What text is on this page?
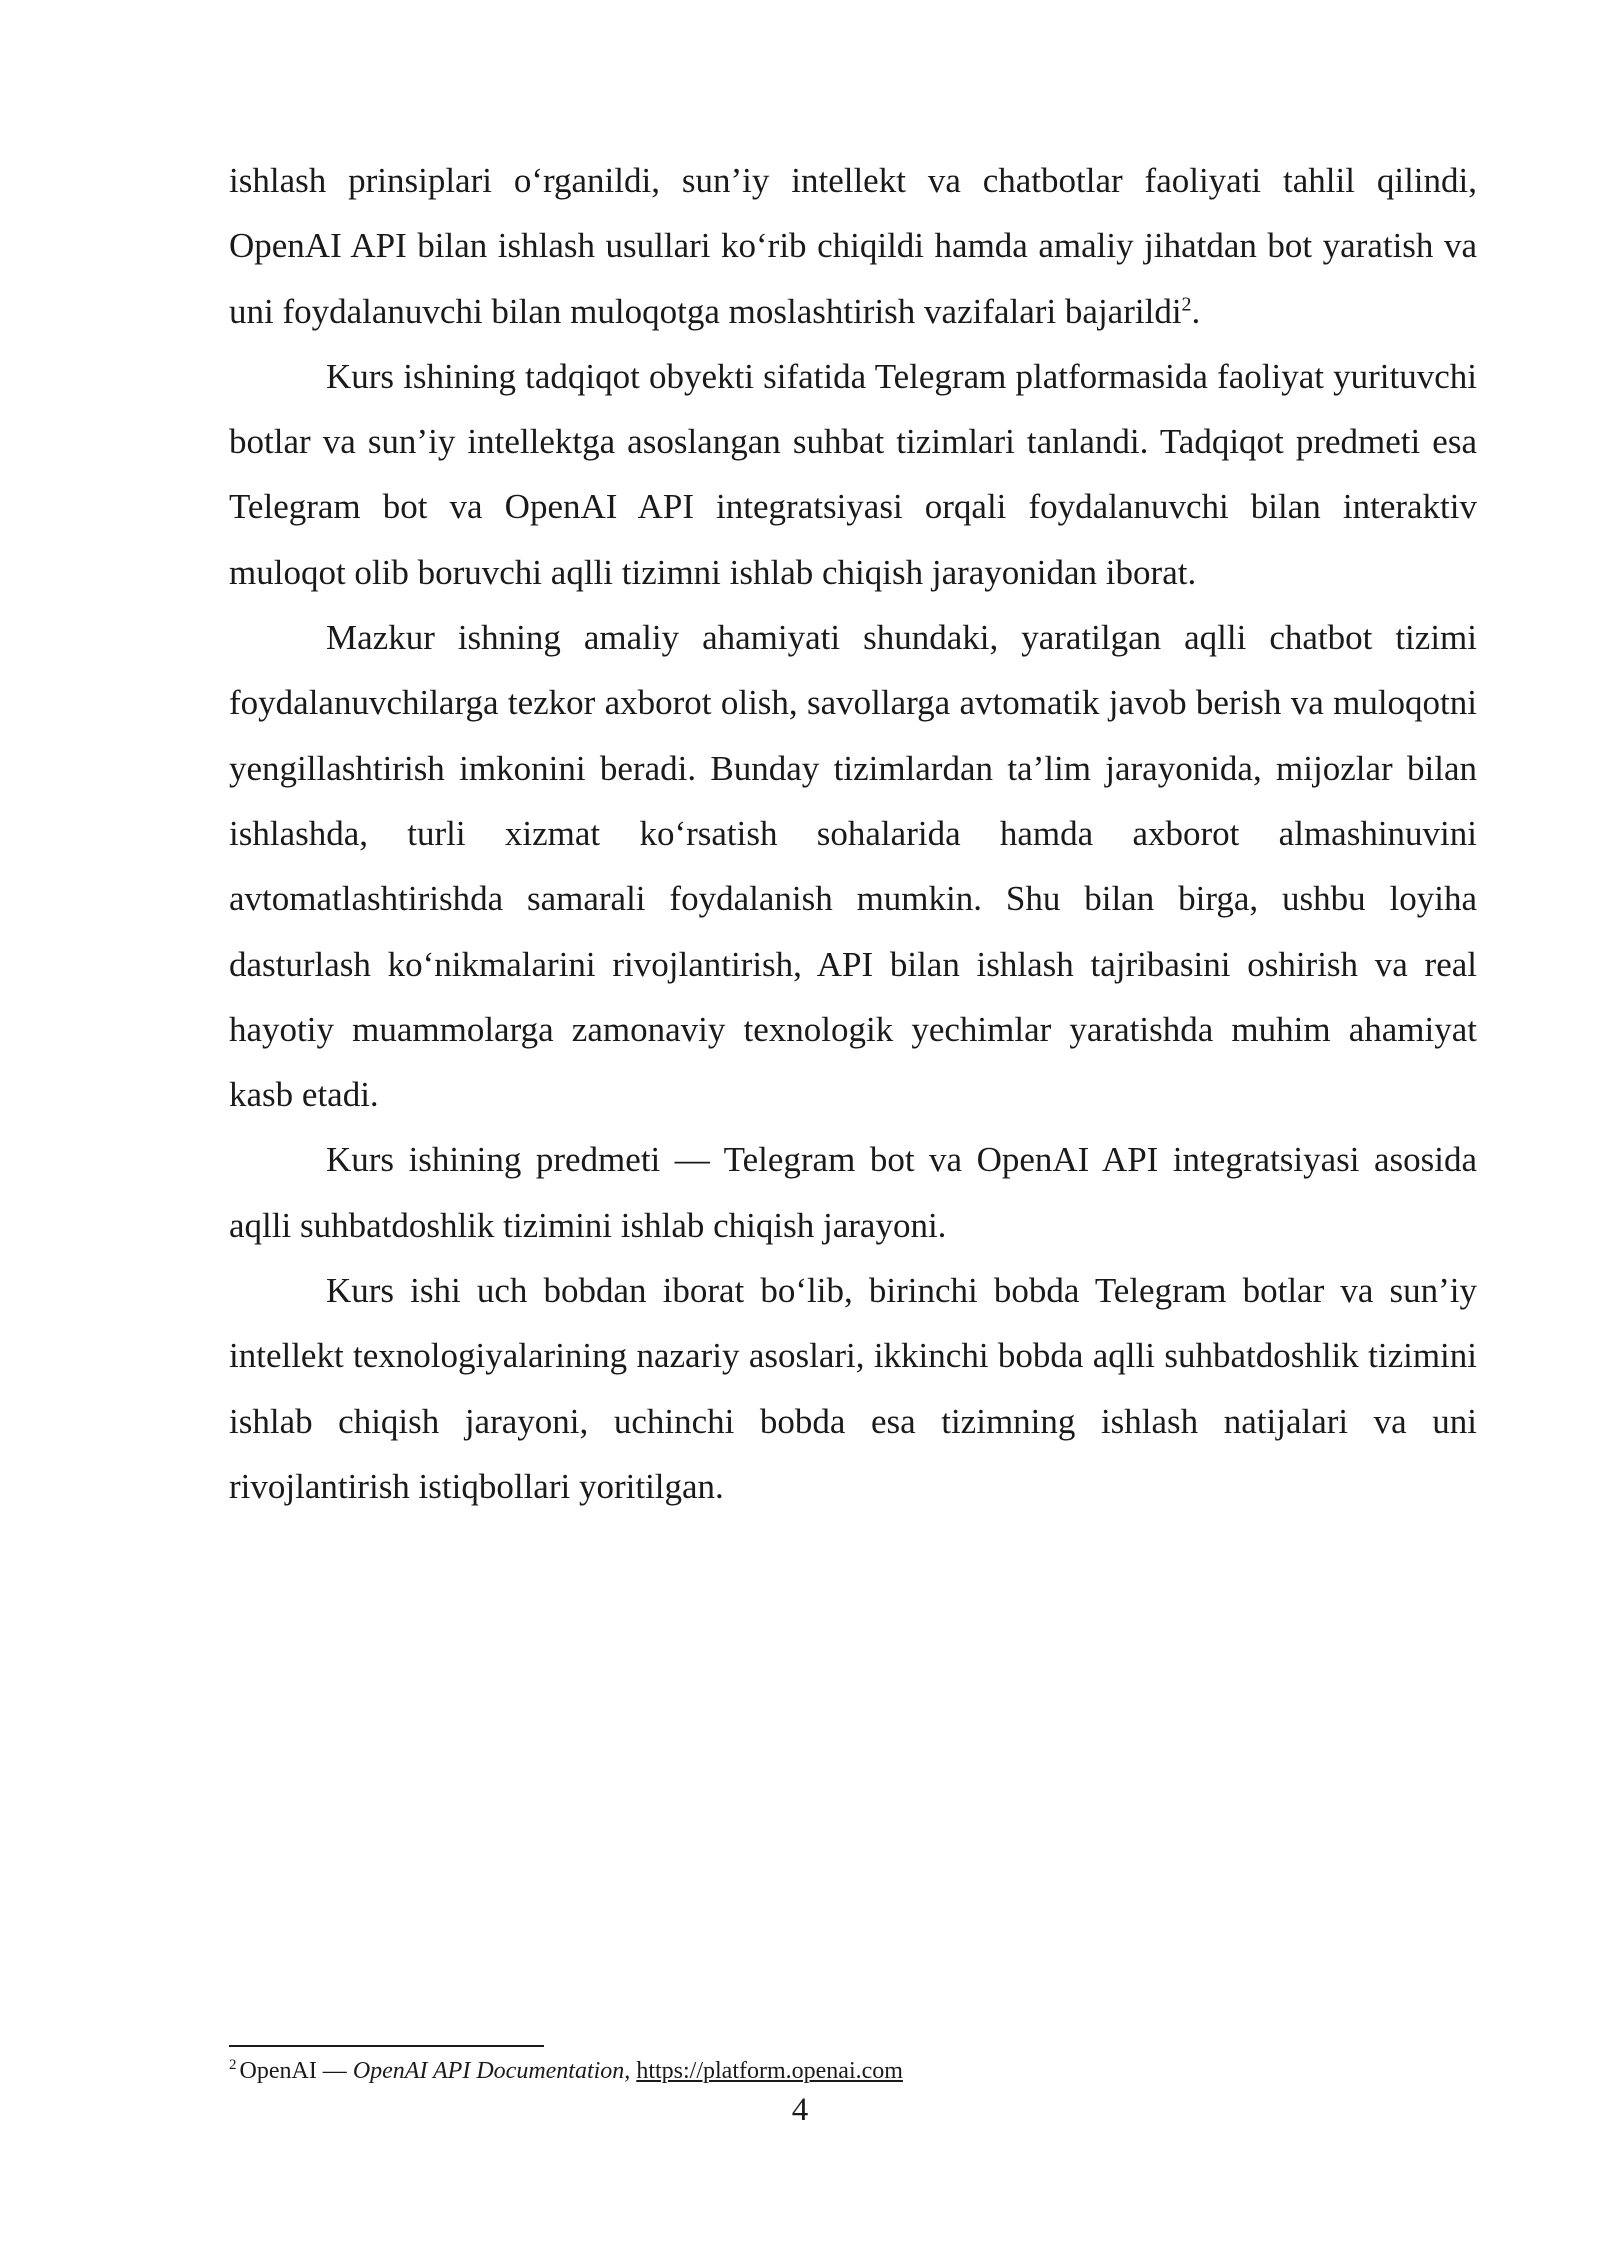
ishlash prinsiplari o‘rganildi, sun’iy intellekt va chatbotlar faoliyati tahlil qilindi, OpenAI API bilan ishlash usullari ko‘rib chiqildi hamda amaliy jihatdan bot yaratish va uni foydalanuvchi bilan muloqotga moslashtirish vazifalari bajarildi$^2$.

Kurs ishining tadqiqot obyekti sifatida Telegram platformasida faoliyat yurituvchi botlar va sun’iy intellektga asoslangan suhbat tizimlari tanlandi. Tadqiqot predmeti esa Telegram bot va OpenAI API integratsiyasi orqali foydalanuvchi bilan interaktiv muloqot olib boruvchi aqlli tizimni ishlab chiqish jarayonidan iborat.

Mazkur ishning amaliy ahamiyati shundaki, yaratilgan aqlli chatbot tizimi foydalanuvchilarga tezkor axborot olish, savollarga avtomatik javob berish va muloqotni yengillashtirish imkonini beradi. Bunday tizimlardan ta’lim jarayonida, mijozlar bilan ishlashda, turli xizmat ko‘rsatish sohalarida hamda axborot almashinuvini avtomatlashtirishda samarali foydalanish mumkin. Shu bilan birga, ushbu loyiha dasturlash ko‘nikmalarini rivojlantirish, API bilan ishlash tajribasini oshirish va real hayotiy muammolarga zamonaviy texnologik yechimlar yaratishda muhim ahamiyat kasb etadi.

Kurs ishining predmeti — Telegram bot va OpenAI API integratsiyasi asosida aqlli suhbatdoshlik tizimini ishlab chiqish jarayoni.

Kurs ishi uch bobdan iborat bo‘lib, birinchi bobda Telegram botlar va sun’iy intellekt texnologiyalarining nazariy asoslari, ikkinchi bobda aqlli suhbatdoshlik tizimini ishlab chiqish jarayoni, uchinchi bobda esa tizimning ishlash natijalari va uni rivojlantirish istiqbollari yoritilgan.

$^2$ OpenAI — OpenAI API Documentation, https://platform.openai.com
4
